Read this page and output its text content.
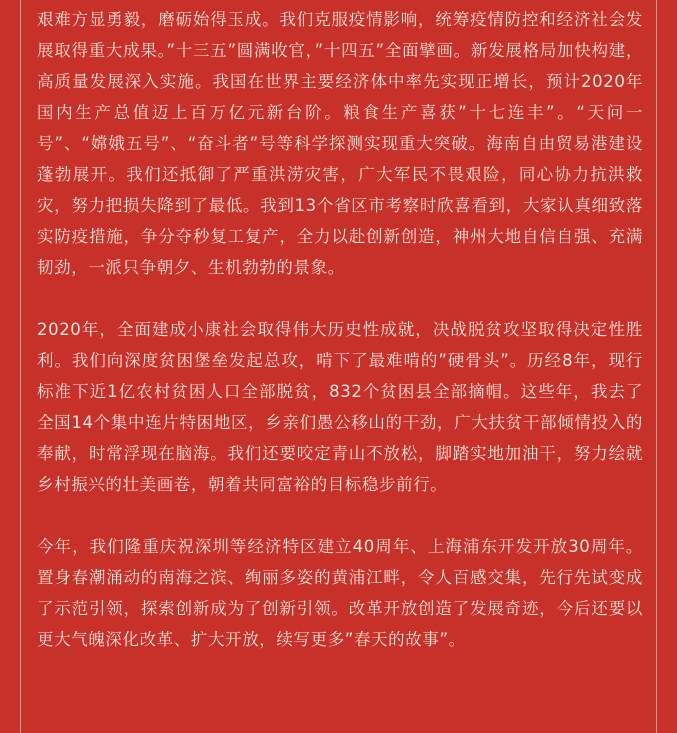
艰难方显勇毅，磨砺始得玉成。我们克服疫情影响，统筹疫情防控和经济社会发展取得重大成果。”十三五”圆满收官，”十四五”全面擘画。新发展格局加快构建，高质量发展深入实施。我国在世界主要经济体中率先实现正增长，预计2020年国内生产总值迈上百万亿元新台阶。粮食生产喜获”十七连丰”。“天问一号”、“嫦娥五号”、“奋斗者”号等科学探测实现重大突破。海南自由贸易港建设蓬勃展开。我们还抵御了严重洪涝灾害，广大军民不畏艰险，同心协力抗洪救灾，努力把损失降到了最低。我到13个省区市考察时欣喜看到，大家认真细致落实防疫措施，争分夺秒复工复产，全力以赴创新创造，神州大地自信自强、充满韧劲，一派只争朝夕、生机勃勃的景象。

2020年，全面建成小康社会取得伟大历史性成就，决战脱贫攻坚取得决定性胜利。我们向深度贫困堡垒发起总攻，啃下了最难啃的”硬骨头”。历经8年，现行标准下近1亿农村贫困人口全部脱贫，832个贫困县全部摘帽。这些年，我去了全国14个集中连片特困地区，乡亲们愚公移山的干劲，广大扶贫干部倾情投入的奉献，时常浮现在脑海。我们还要咬定青山不放松，脚踏实地加油干，努力绘就乡村振兴的壮美画卷，朝着共同富裕的目标稳步前行。

今年，我们隆重庆祝深圳等经济特区建立40周年、上海浦东开发开放30周年。置身春潮涌动的南海之滨、绚丽多姿的黄浦江畔，令人百感交集，先行先试变成了示范引领，探索创新成为了创新引领。改革开放创造了发展奇迹，今后还要以更大气魄深化改革、扩大开放，续写更多”春天的故事”。
